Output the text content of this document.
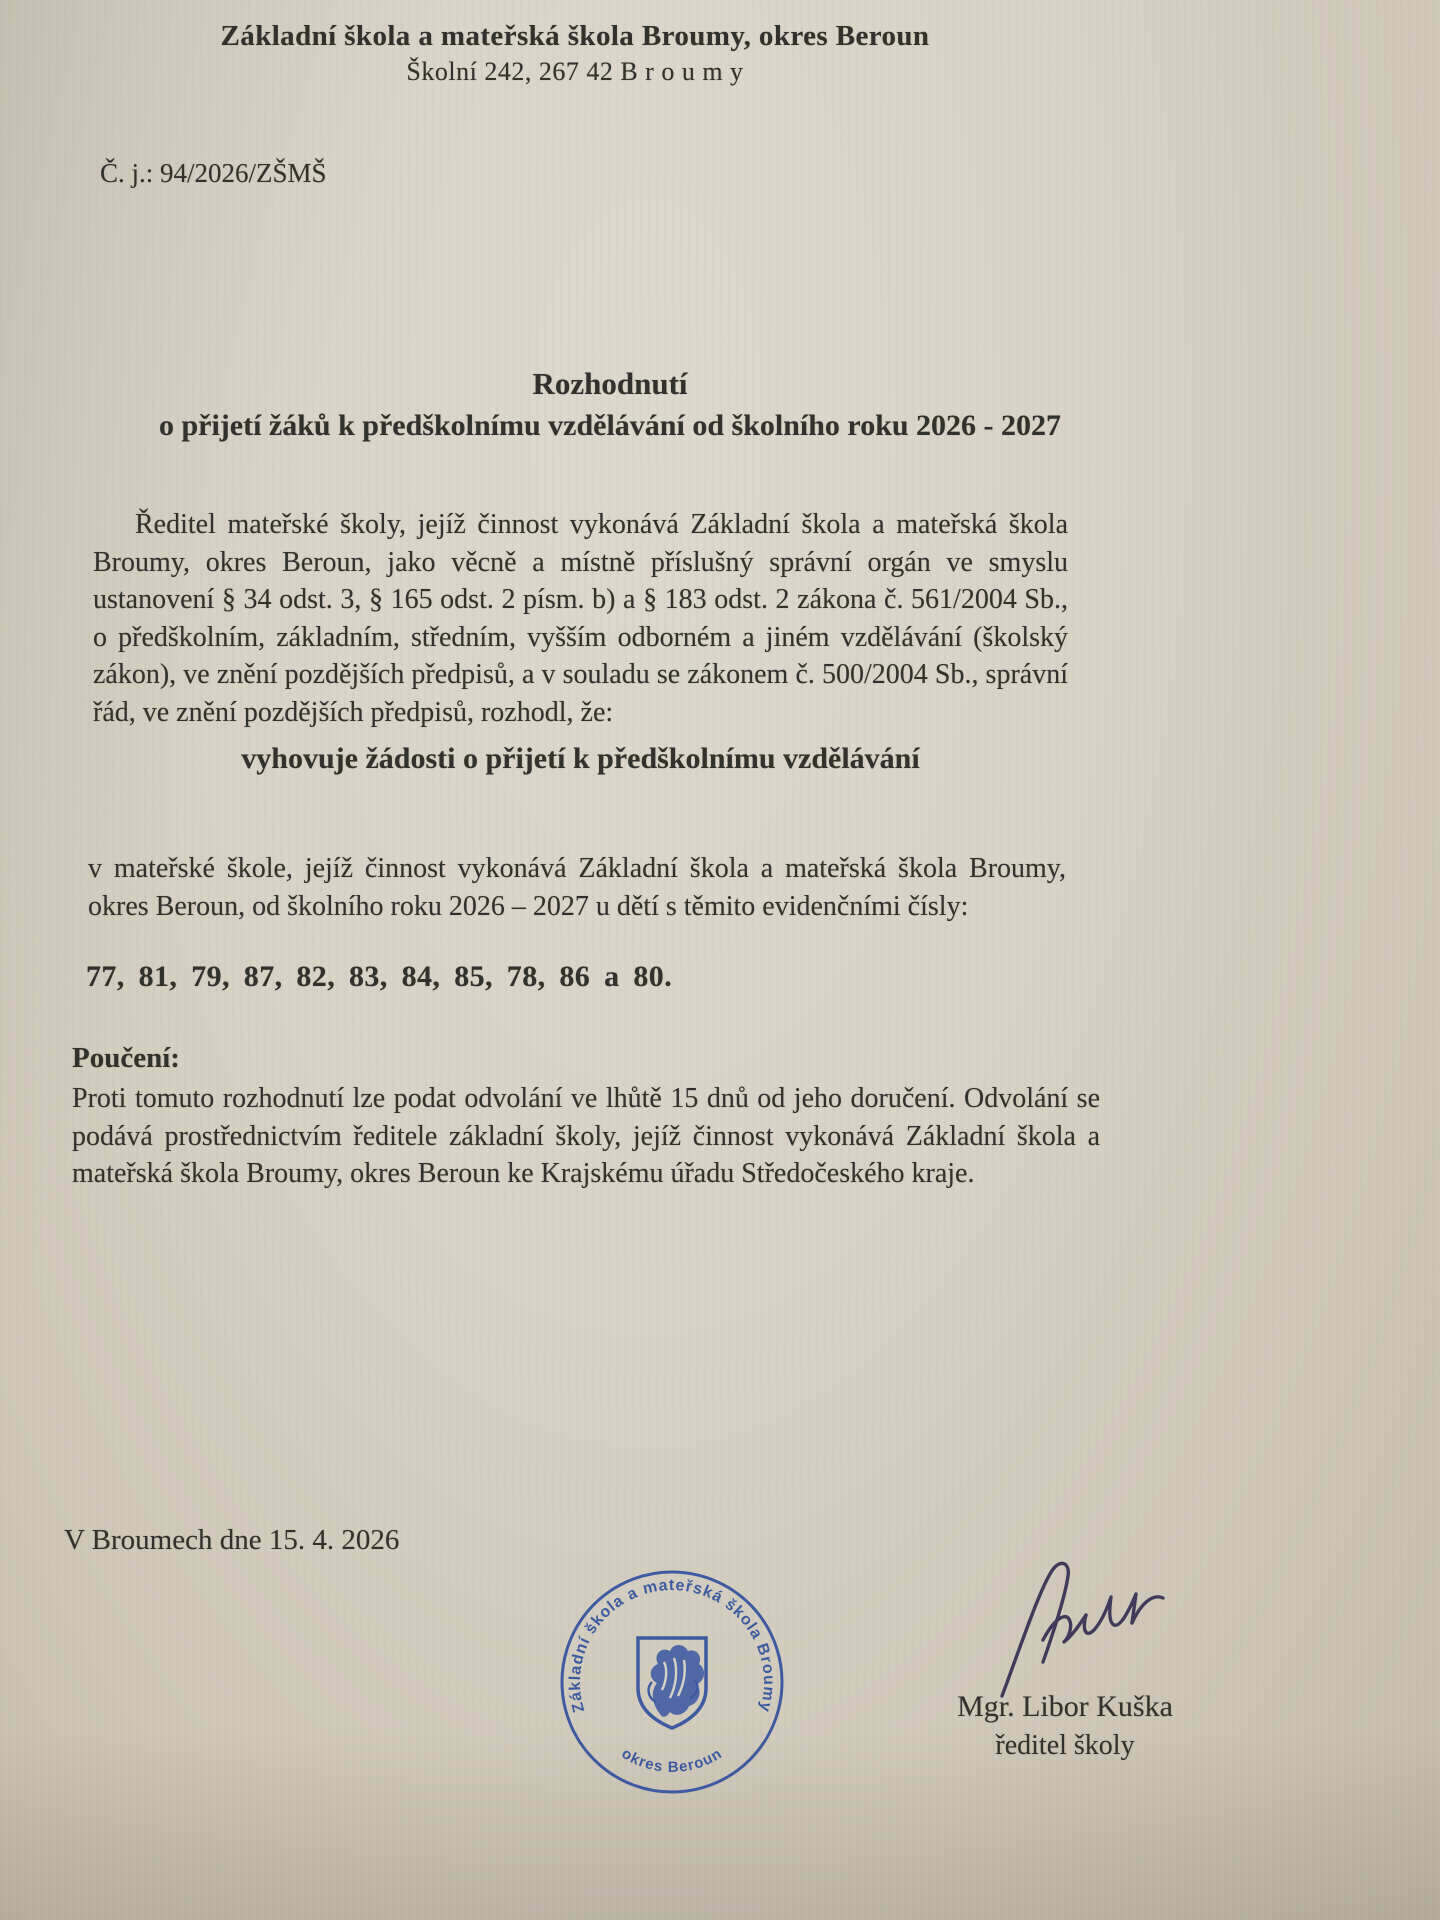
Základní škola a mateřská škola Broumy, okres Beroun
Školní 242, 267 42 B r o u m y
Č. j.: 94/2026/ZŠMŠ
Rozhodnutí
o přijetí žáků k předškolnímu vzdělávání od školního roku 2026 - 2027

Ředitel mateřské školy, jejíž činnost vykonává Základní škola a mateřská škola Broumy, okres Beroun, jako věcně a místně příslušný správní orgán ve smyslu ustanovení § 34 odst. 3, § 165 odst. 2 písm. b) a § 183 odst. 2 zákona č. 561/2004 Sb., o předškolním, základním, středním, vyšším odborném a jiném vzdělávání (školský zákon), ve znění pozdějších předpisů, a v souladu se zákonem č. 500/2004 Sb., správní řád, ve znění pozdějších předpisů, rozhodl, že:

vyhovuje žádosti o přijetí k předškolnímu vzdělávání

v mateřské škole, jejíž činnost vykonává Základní škola a mateřská škola Broumy, okres Beroun, od školního roku 2026 – 2027 u dětí s těmito evidenčními čísly:

77, 81, 79, 87, 82, 83, 84, 85, 78, 86 a 80.
Poučení:

Proti tomuto rozhodnutí lze podat odvolání ve lhůtě 15 dnů od jeho doručení. Odvolání se podává prostřednictvím ředitele základní školy, jejíž činnost vykonává Základní škola a mateřská škola Broumy, okres Beroun ke Krajskému úřadu Středočeského kraje.

V Broumech dne 15. 4. 2026
Základní škola a mateřská škola Broumy
okres Beroun
Mgr. Libor Kuška
ředitel školy
